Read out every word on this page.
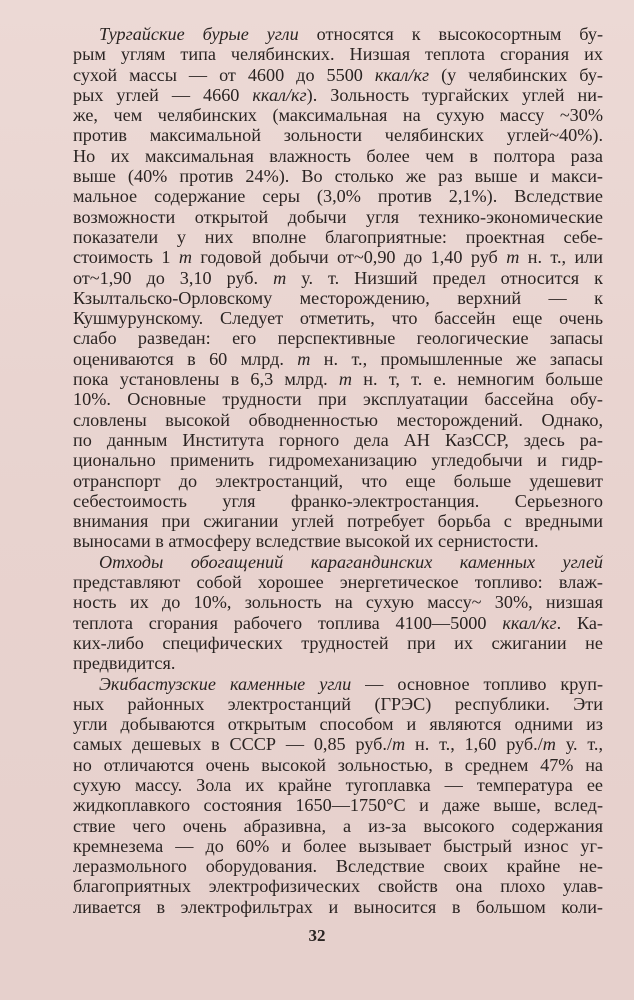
Тургайские бурые угли относятся к высокосортным бу-
рым углям типа челябинских. Низшая теплота сгорания их
сухой массы — от 4600 до 5500 ккал/кг (у челябинских бу-
рых углей — 4660 ккал/кг). Зольность тургайских углей ни-
же, чем челябинских (максимальная на сухую массу ~30%
против максимальной зольности челябинских углей~40%).
Но их максимальная влажность более чем в полтора раза
выше (40% против 24%). Во столько же раз выше и макси-
мальное содержание серы (3,0% против 2,1%). Вследствие
возможности открытой добычи угля технико-экономические
показатели у них вполне благоприятные: проектная себе-
стоимость 1 т годовой добычи от~0,90 до 1,40 руб т н. т., или
от~1,90 до 3,10 руб. т у. т. Низший предел относится к
Кзылтальско-Орловскому месторождению, верхний — к
Кушмурунскому. Следует отметить, что бассейн еще очень
слабо разведан: его перспективные геологические запасы
оцениваются в 60 млрд. т н. т., промышленные же запасы
пока установлены в 6,3 млрд. т н. т, т. е. немногим больше
10%. Основные трудности при эксплуатации бассейна обу-
словлены высокой обводненностью месторождений. Однако,
по данным Института горного дела АН КазССР, здесь ра-
ционально применить гидромеханизацию угледобычи и гидр-
отранспорт до электростанций, что еще больше удешевит
себестоимость угля франко-электростанция. Серьезного
внимания при сжигании углей потребует борьба с вредными
выносами в атмосферу вследствие высокой их сернистости.
Отходы обогащений карагандинских каменных углей
представляют собой хорошее энергетическое топливо: влаж-
ность их до 10%, зольность на сухую массу~ 30%, низшая
теплота сгорания рабочего топлива 4100—5000 ккал/кг. Ка-
ких-либо специфических трудностей при их сжигании не
предвидится.
Экибастузские каменные угли — основное топливо круп-
ных районных электростанций (ГРЭС) республики. Эти
угли добываются открытым способом и являются одними из
самых дешевых в СССР — 0,85 руб./т н. т., 1,60 руб./т у. т.,
но отличаются очень высокой зольностью, в среднем 47% на
сухую массу. Зола их крайне тугоплавка — температура ее
жидкоплавкого состояния 1650—1750°С и даже выше, вслед-
ствие чего очень абразивна, а из-за высокого содержания
кремнезема — до 60% и более вызывает быстрый износ уг-
леразмольного оборудования. Вследствие своих крайне не-
благоприятных электрофизических свойств она плохо улав-
ливается в электрофильтрах и выносится в большом коли-
32
